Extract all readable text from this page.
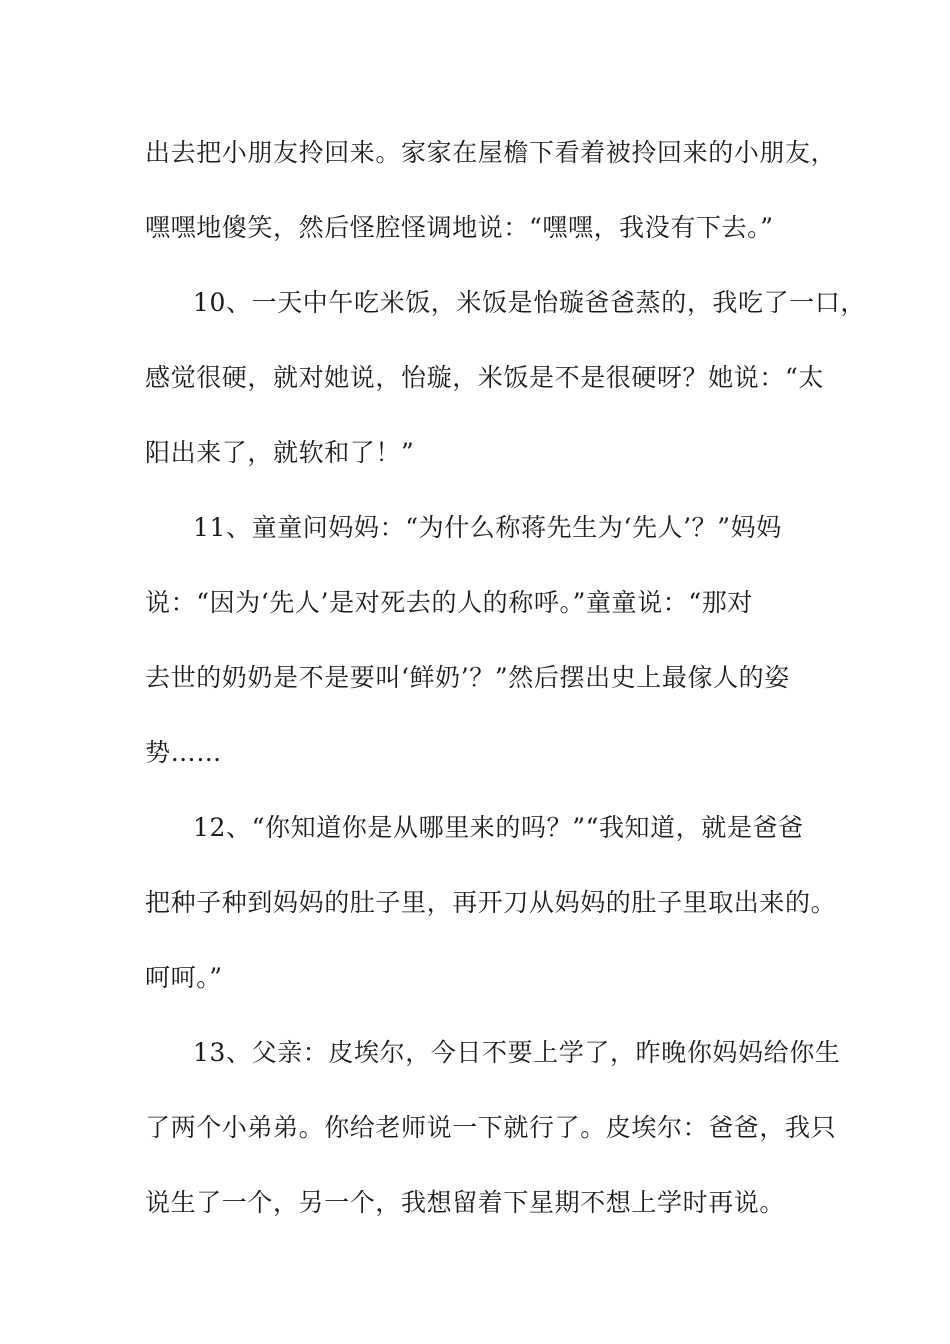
出去把小朋友拎回来。家家在屋檐下看着被拎回来的小朋友，
嘿嘿地傻笑，然后怪腔怪调地说：“嘿嘿，我没有下去。”
10、一天中午吃米饭，米饭是怡璇爸爸蒸的，我吃了一口，
感觉很硬，就对她说，怡璇，米饭是不是很硬呀？她说：“太
阳出来了，就软和了！”
11、童童问妈妈：“为什么称蒋先生为‘先人’？”妈妈
说：“因为‘先人’是对死去的人的称呼。”童童说：“那对
去世的奶奶是不是要叫‘鲜奶’？”然后摆出史上最傢人的姿
势……
12、“你知道你是从哪里来的吗？”“我知道，就是爸爸
把种子种到妈妈的肚子里，再开刀从妈妈的肚子里取出来的。
呵呵。”
13、父亲：皮埃尔，今日不要上学了，昨晚你妈妈给你生
了两个小弟弟。你给老师说一下就行了。皮埃尔：爸爸，我只
说生了一个，另一个，我想留着下星期不想上学时再说。
